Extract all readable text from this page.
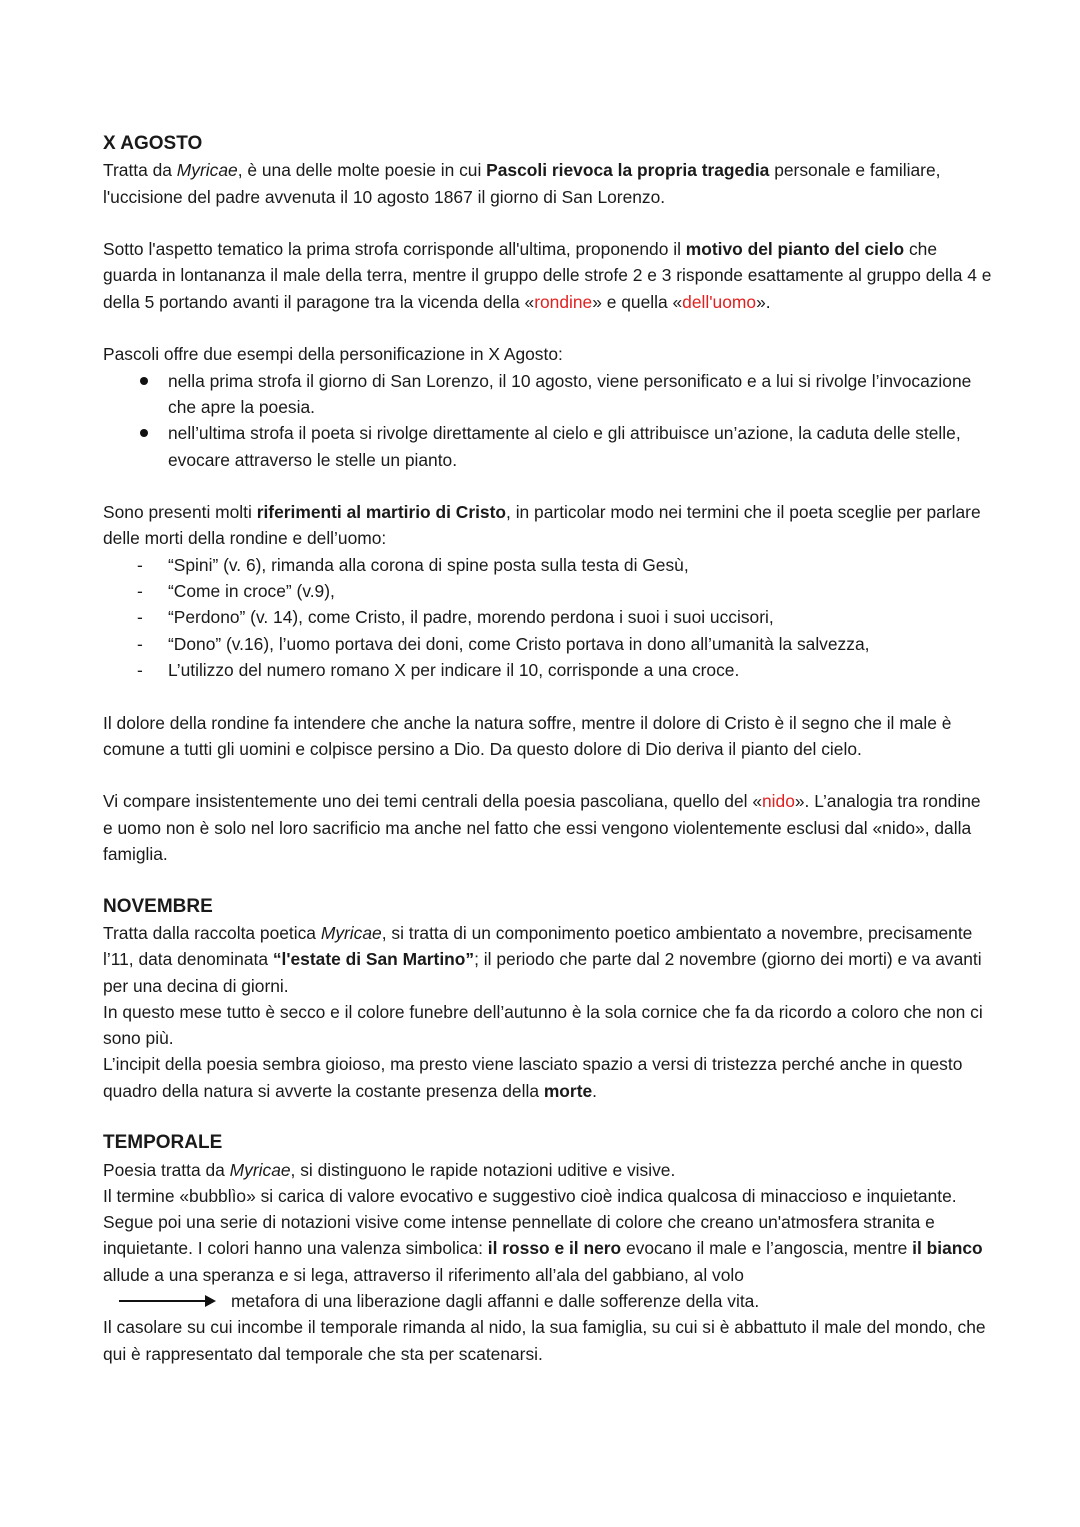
X AGOSTO

Tratta da Myricae, è una delle molte poesie in cui Pascoli rievoca la propria tragedia personale e familiare, l'uccisione del padre avvenuta il 10 agosto 1867 il giorno di San Lorenzo.

Sotto l'aspetto tematico la prima strofa corrisponde all'ultima, proponendo il motivo del pianto del cielo che guarda in lontananza il male della terra, mentre il gruppo delle strofe 2 e 3 risponde esattamente al gruppo della 4 e della 5 portando avanti il paragone tra la vicenda della «rondine» e quella «dell'uomo».

Pascoli offre due esempi della personificazione in X Agosto:

nella prima strofa il giorno di San Lorenzo, il 10 agosto, viene personificato e a lui si rivolge l’invocazione che apre la poesia.
nell’ultima strofa il poeta si rivolge direttamente al cielo e gli attribuisce un’azione, la caduta delle stelle, evocare attraverso le stelle un pianto.

Sono presenti molti riferimenti al martirio di Cristo, in particolar modo nei termini che il poeta sceglie per parlare delle morti della rondine e dell’uomo:

- “Spini” (v. 6), rimanda alla corona di spine posta sulla testa di Gesù,
- “Come in croce” (v.9),
- “Perdono” (v. 14), come Cristo, il padre, morendo perdona i suoi i suoi uccisori,
- “Dono” (v.16), l’uomo portava dei doni, come Cristo portava in dono all’umanità la salvezza,
- L’utilizzo del numero romano X per indicare il 10, corrisponde a una croce.

Il dolore della rondine fa intendere che anche la natura soffre, mentre il dolore di Cristo è il segno che il male è comune a tutti gli uomini e colpisce persino a Dio. Da questo dolore di Dio deriva il pianto del cielo.

Vi compare insistentemente uno dei temi centrali della poesia pascoliana, quello del «nido». L’analogia tra rondine e uomo non è solo nel loro sacrificio ma anche nel fatto che essi vengono violentemente esclusi dal «nido», dalla famiglia.

NOVEMBRE

Tratta dalla raccolta poetica Myricae, si tratta di un componimento poetico ambientato a novembre, precisamente l’11, data denominata “l'estate di San Martino”; il periodo che parte dal 2 novembre (giorno dei morti) e va avanti per una decina di giorni.

In questo mese tutto è secco e il colore funebre dell’autunno è la sola cornice che fa da ricordo a coloro che non ci sono più.

L’incipit della poesia sembra gioioso, ma presto viene lasciato spazio a versi di tristezza perché anche in questo quadro della natura si avverte la costante presenza della morte.

TEMPORALE

Poesia tratta da Myricae, si distinguono le rapide notazioni uditive e visive.

Il termine «bubblìo» si carica di valore evocativo e suggestivo cioè indica qualcosa di minaccioso e inquietante.

Segue poi una serie di notazioni visive come intense pennellate di colore che creano un'atmosfera stranita e inquietante. I colori hanno una valenza simbolica: il rosso e il nero evocano il male e l’angoscia, mentre il bianco allude a una speranza e si lega, attraverso il riferimento all’ala del gabbiano, al volo

metafora di una liberazione dagli affanni e dalle sofferenze della vita.

Il casolare su cui incombe il temporale rimanda al nido, la sua famiglia, su cui si è abbattuto il male del mondo, che qui è rappresentato dal temporale che sta per scatenarsi.
